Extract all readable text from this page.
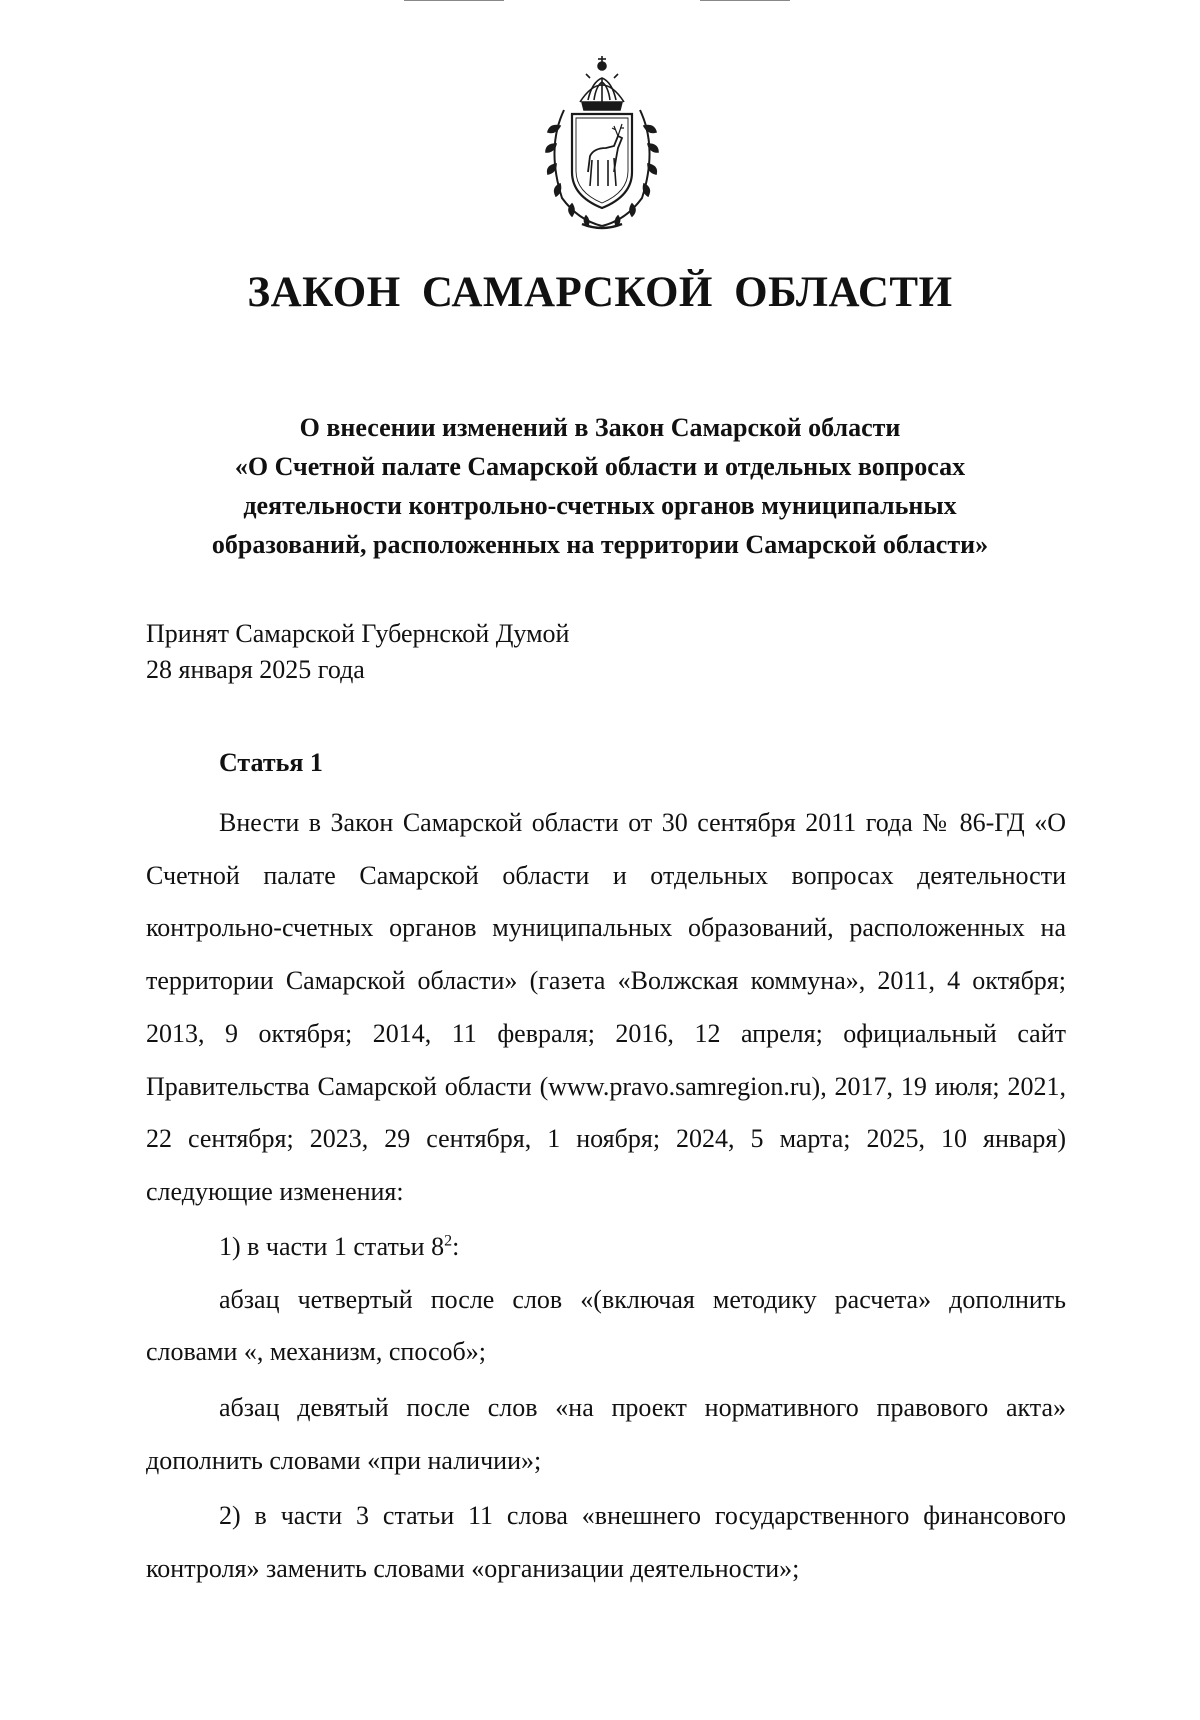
ЗАКОН САМАРСКОЙ ОБЛАСТИ
О внесении изменений в Закон Самарской области
«О Счетной палате Самарской области и отдельных вопросах
деятельности контрольно-счетных органов муниципальных
образований, расположенных на территории Самарской области»
Принят Самарской Губернской Думой
28 января 2025 года
Статья 1

Внести в Закон Самарской области от 30 сентября 2011 года № 86-ГД «О Счетной палате Самарской области и отдельных вопросах деятельности контрольно-счетных органов муниципальных образований, расположенных на территории Самарской области» (газета «Волжская коммуна», 2011, 4 октября; 2013, 9 октября; 2014, 11 февраля; 2016, 12 апреля; официальный сайт Правительства Самарской области (www.pravo.samregion.ru), 2017, 19 июля; 2021, 22 сентября; 2023, 29 сентября, 1 ноября; 2024, 5 марта; 2025, 10 января) следующие изменения:

1) в части 1 статьи $8^2$:

абзац четвертый после слов «(включая методику расчета» дополнить словами «, механизм, способ»;

абзац девятый после слов «на проект нормативного правового акта» дополнить словами «при наличии»;

2) в части 3 статьи 11 слова «внешнего государственного финансового контроля» заменить словами «организации деятельности»;
